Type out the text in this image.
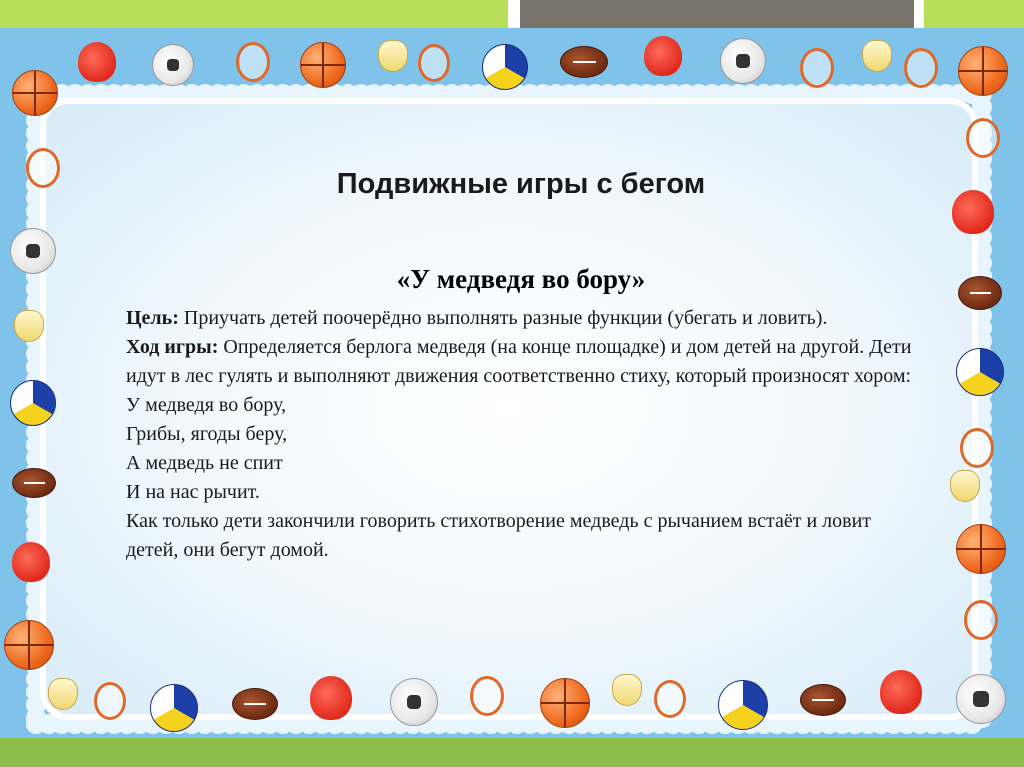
Подвижные игры с бегом
«У медведя во бору»

Цель: Приучать детей поочерёдно выполнять разные функции (убегать и ловить).

Ход игры: Определяется берлога медведя (на конце площадке) и дом детей на другой. Дети идут в лес гулять и выполняют движения соответственно стиху, который произносят хором:

У медведя во бору,

Грибы, ягоды беру,

А медведь не спит

И на нас рычит.

Как только дети закончили говорить стихотворение медведь с рычанием встаёт и ловит детей, они бегут домой.
